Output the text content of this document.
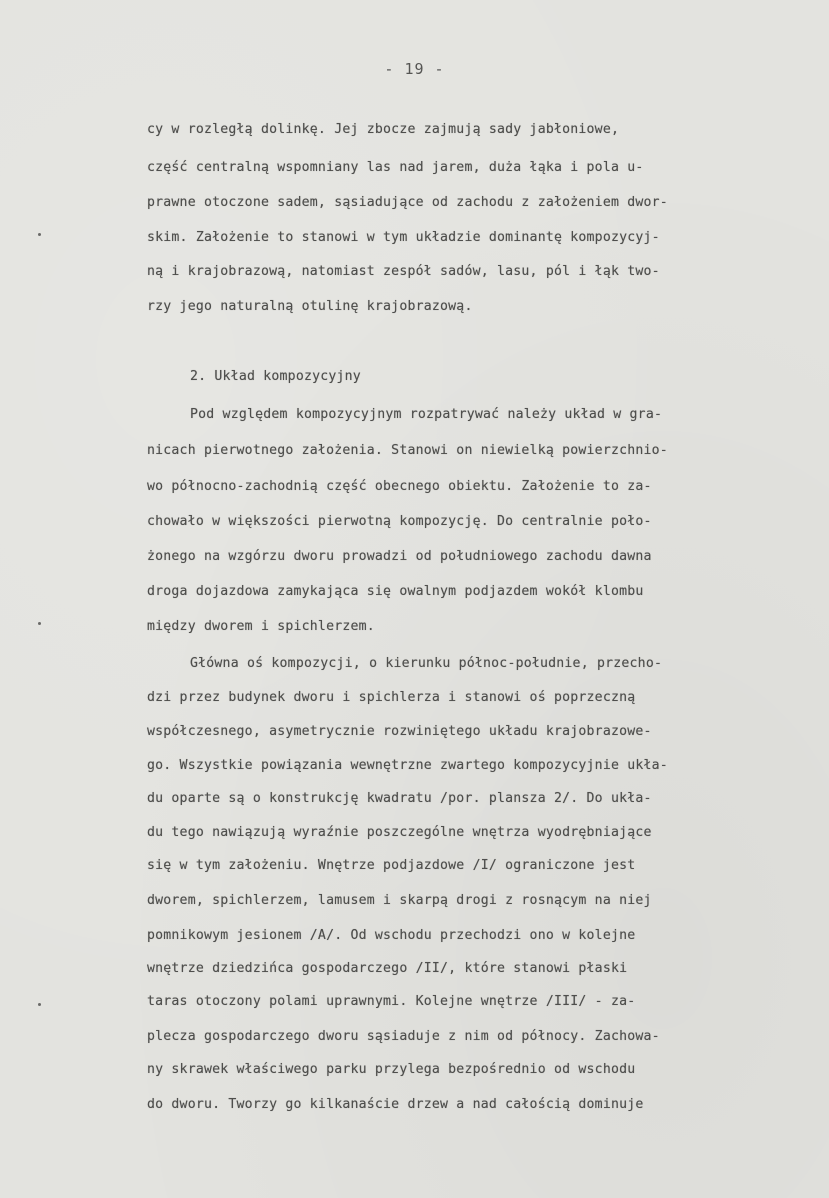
- 19 -
cy w rozległą dolinkę. Jej zbocze zajmują sady jabłoniowe,
część centralną wspomniany las nad jarem, duża łąka i pola u-
prawne otoczone sadem, sąsiadujące od zachodu z założeniem dwor-
skim. Założenie to stanowi w tym układzie dominantę kompozycyj-
ną i krajobrazową, natomiast zespół sadów, lasu, pól i łąk two-
rzy jego naturalną otulinę krajobrazową.
2. Układ kompozycyjny
Pod względem kompozycyjnym rozpatrywać należy układ w gra-
nicach pierwotnego założenia. Stanowi on niewielką powierzchnio-
wo północno-zachodnią część obecnego obiektu. Założenie to za-
chowało w większości pierwotną kompozycję. Do centralnie poło-
żonego na wzgórzu dworu prowadzi od południowego zachodu dawna
droga dojazdowa zamykająca się owalnym podjazdem wokół klombu
między dworem i spichlerzem.
Główna oś kompozycji, o kierunku północ-południe, przecho-
dzi przez budynek dworu i spichlerza i stanowi oś poprzeczną
współczesnego, asymetrycznie rozwiniętego układu krajobrazowe-
go. Wszystkie powiązania wewnętrzne zwartego kompozycyjnie ukła-
du oparte są o konstrukcję kwadratu /por. plansza 2/. Do ukła-
du tego nawiązują wyraźnie poszczególne wnętrza wyodrębniające
się w tym założeniu. Wnętrze podjazdowe /I/ ograniczone jest
dworem, spichlerzem, lamusem i skarpą drogi z rosnącym na niej
pomnikowym jesionem /A/. Od wschodu przechodzi ono w kolejne
wnętrze dziedzińca gospodarczego /II/, które stanowi płaski
taras otoczony polami uprawnymi. Kolejne wnętrze /III/ - za-
plecza gospodarczego dworu sąsiaduje z nim od północy. Zachowa-
ny skrawek właściwego parku przylega bezpośrednio od wschodu
do dworu. Tworzy go kilkanaście drzew a nad całością dominuje
